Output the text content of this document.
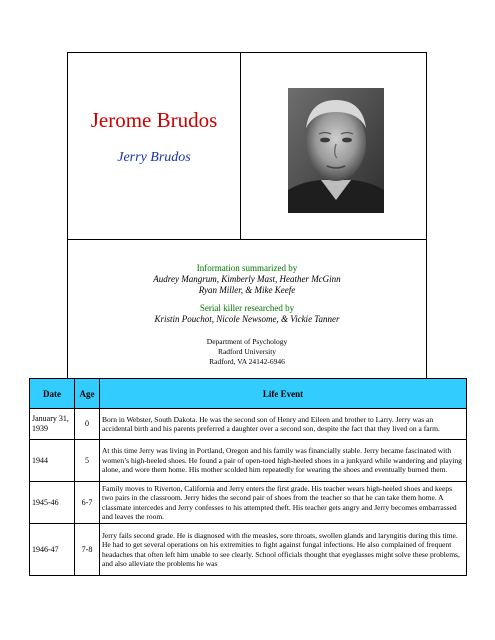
Jerome Brudos
Jerry Brudos
Information summarized by
Audrey Mangrum, Kimberly Mast, Heather McGinn
Ryan Miller, & Mike Keefe
Serial killer researched by
Kristin Pouchot, Nicole Newsome, & Vickie Tanner
Department of Psychology
Radford University
Radford, VA 24142-6946
Date	Age	Life Event
January 31, 1939	0	Born in Webster, South Dakota. He was the second son of Henry and Eileen and brother to Larry. Jerry was an accidental birth and his parents preferred a daughter over a second son, despite the fact that they lived on a farm.
1944	5	At this time Jerry was living in Portland, Oregon and his family was financially stable. Jerry became fascinated with women’s high-heeled shoes. He found a pair of open-toed high-heeled shoes in a junkyard while wandering and playing alone, and wore them home. His mother scolded him repeatedly for wearing the shoes and eventually burned them.
1945-46	6-7	Family moves to Riverton, California and Jerry enters the first grade. His teacher wears high-heeled shoes and keeps two pairs in the classroom. Jerry hides the second pair of shoes from the teacher so that he can take them home. A classmate intercedes and Jerry confesses to his attempted theft. His teacher gets angry and Jerry becomes embarrassed and leaves the room.
1946-47	7-8	Jerry fails second grade. He is diagnosed with the measles, sore throats, swollen glands and laryngitis during this time. He had to get several operations on his extremities to fight against fungal infections. He also complained of frequent headaches that often left him unable to see clearly. School officials thought that eyeglasses might solve these problems, and also alleviate the problems he was
